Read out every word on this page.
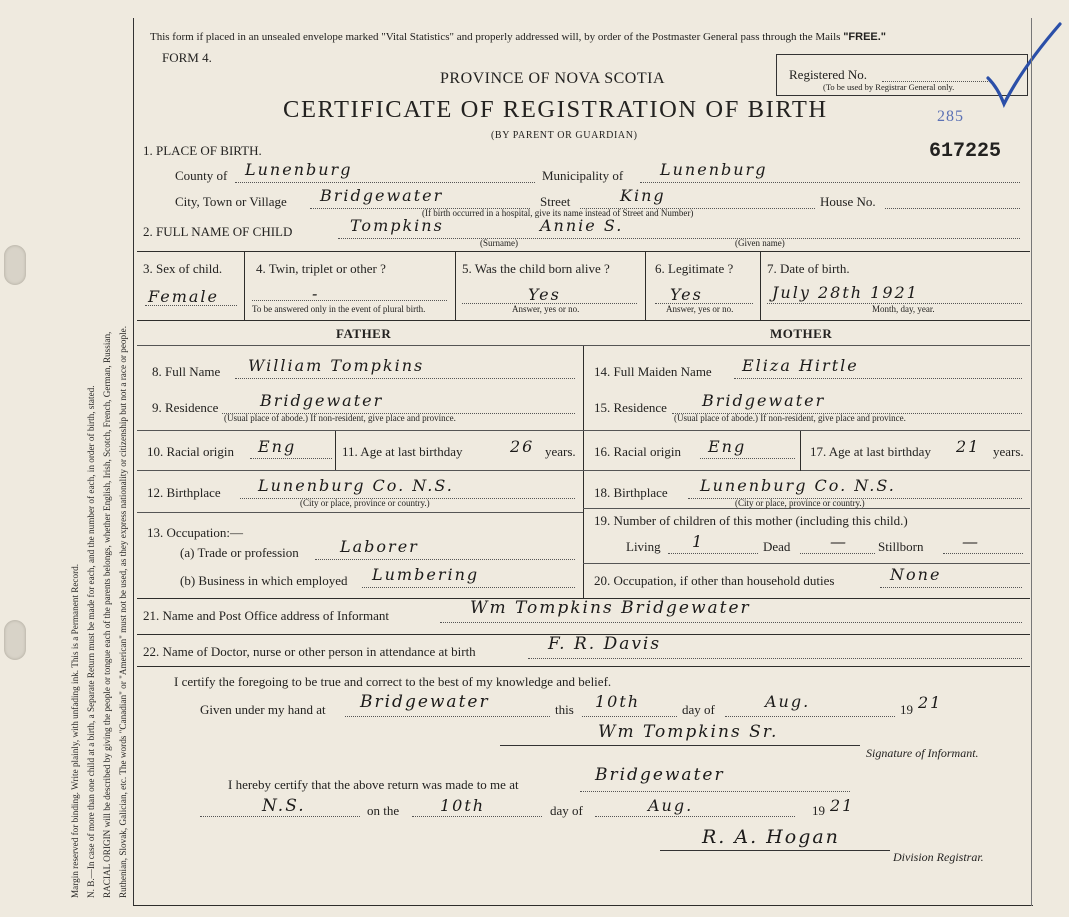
Margin reserved for binding. Write plainly, with unfading ink. This is a Permanent Record. N. B.—In case of more than one child at a birth, a Separate Return must be made for each, and the number of each, in order of birth, stated. RACIAL ORIGIN will be described by giving the people or tongue each of the parents belongs, whether English, Irish, Scotch, French, German, Russian, Ruthenian, Slovak, Galician, etc. The words "Canadian" or "American" must not be used, as they express nationality or citizenship but not a race or people.
This form if placed in an unsealed envelope marked "Vital Statistics" and properly addressed will, by order of the Postmaster General pass through the Mails "FREE."
FORM 4.
PROVINCE OF NOVA SCOTIA
CERTIFICATE OF REGISTRATION OF BIRTH
(BY PARENT OR GUARDIAN)
Registered No.
(To be used by Registrar General only.
285
617225
1. PLACE OF BIRTH.
County of Lunenburg	Municipality of Lunenburg
City, Town or Village Bridgewater	Street	King	House No.
(If birth occurred in a hospital, give its name instead of Street and Number)
2. FULL NAME OF CHILD	Tompkins	Annie S.
(Surname)	(Given name)
3. Sex of child.
Female
4. Twin, triplet or other ?
-
To be answered only in the event of plural birth.
5. Was the child born alive ?
Yes
Answer, yes or no.
6. Legitimate ?
Yes
Answer, yes or no.
7. Date of birth.
July 28th 1921
Month, day, year.
FATHER	MOTHER
8. Full Name William Tompkins
9. Residence	Bridgewater
(Usual place of abode.) If non-resident, give place and province.
10. Racial origin Eng	11. Age at last birthday	26 years.
12. Birthplace Lunenburg Co. N.S.
(City or place, province or country.)
13. Occupation:—
(a) Trade or profession	Laborer
(b) Business in which employed Lumbering
14. Full Maiden Name Eliza Hirtle
15. Residence Bridgewater
(Usual place of abode.) If non-resident, give place and province.
16. Racial origin Eng	17. Age at last birthday 21 years.
18. Birthplace Lunenburg Co. N.S.
(City or place, province or country.)
19. Number of children of this mother (including this child.)
Living 1	Dead — Stillborn —
20. Occupation, if other than household duties	None
21. Name and Post Office address of Informant	Wm Tompkins Bridgewater
22. Name of Doctor, nurse or other person in attendance at birth	F. R. Davis
I certify the foregoing to be true and correct to the best of my knowledge and belief.
Given under my hand at Bridgewater	this 10th	day of	Aug.	19 21
Wm Tompkins Sr.
Signature of Informant.
I hereby certify that the above return was made to me at	Bridgewater
N.S.	on the	10th	day of	Aug.	19 21
R. A. Hogan
Division Registrar.
